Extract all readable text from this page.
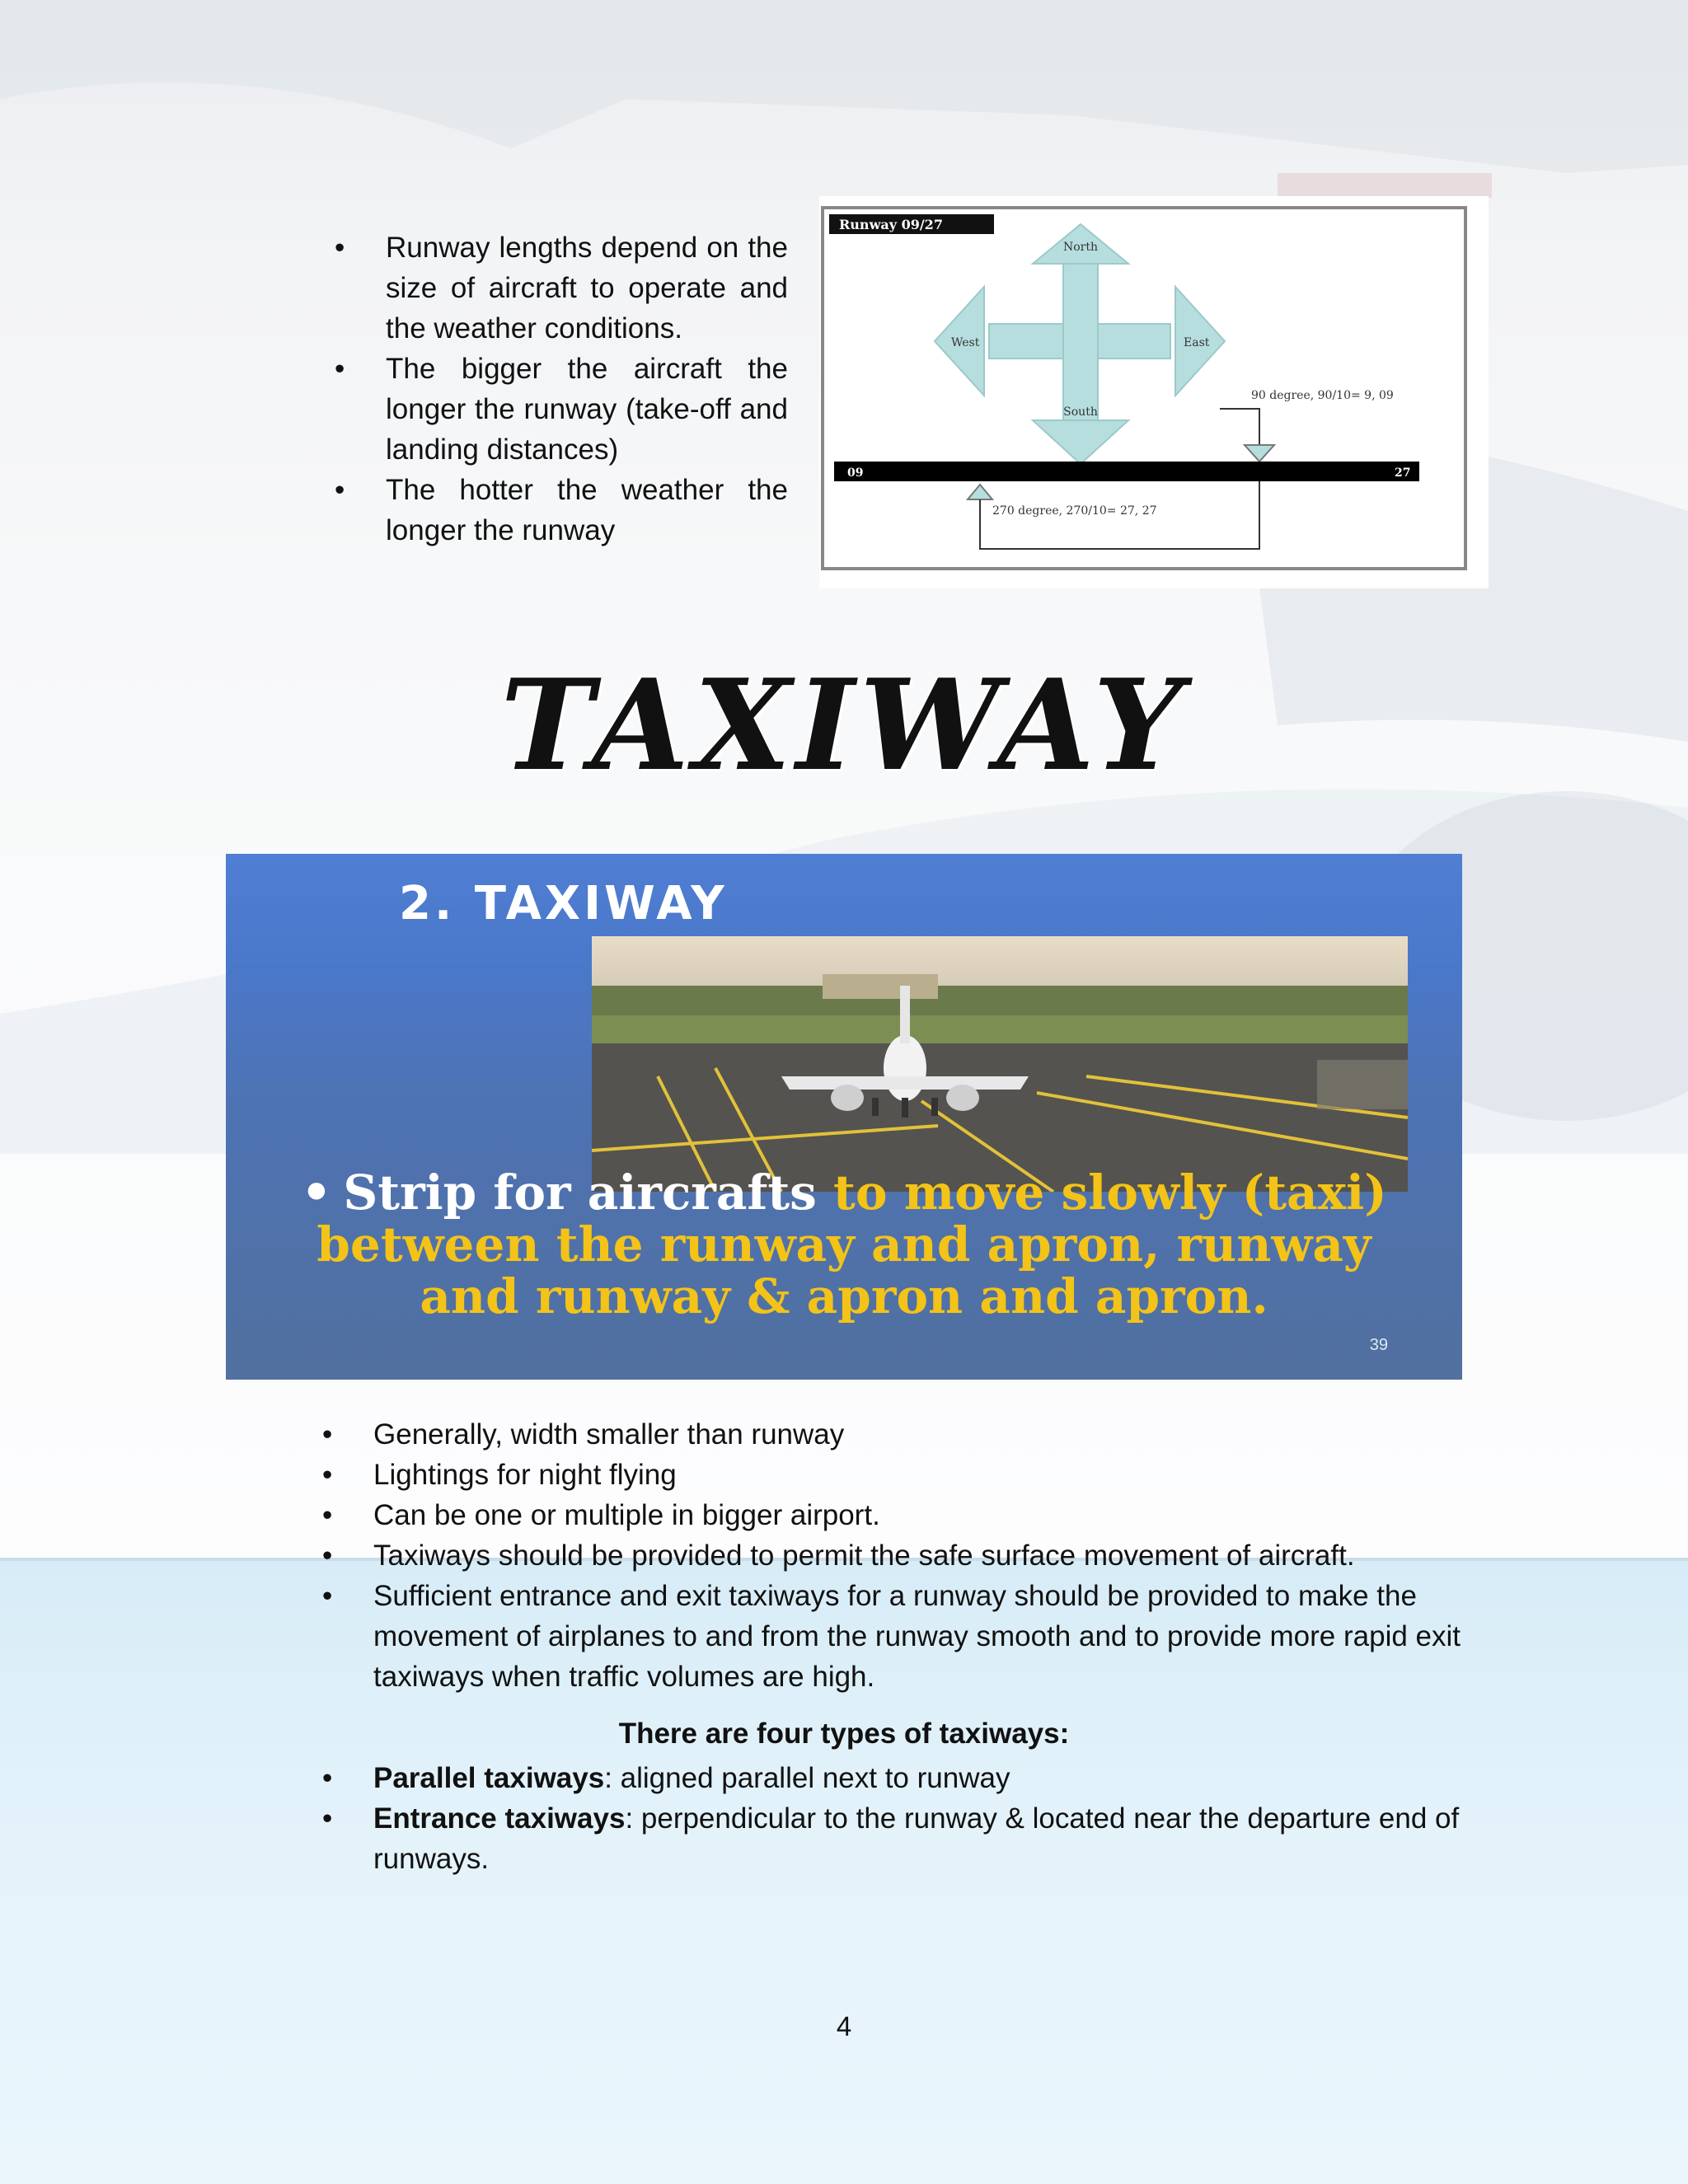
• Runway lengths depend on the size of aircraft to operate and the weather conditions.
• The bigger the aircraft the longer the runway (take-off and landing distances)
• The hotter the weather the longer the runway
Runway 09/27
North
South
West	East
90 degree, 90/10= 9, 09
09	27
270 degree, 270/10= 27, 27
TAXIWAY
2. TAXIWAY
• Strip for aircrafts to move slowly (taxi) between the runway and apron, runway and runway & apron and apron.
39
• Generally, width smaller than runway
• Lightings for night flying
• Can be one or multiple in bigger airport.
• Taxiways should be provided to permit the safe surface movement of aircraft.
• Sufficient entrance and exit taxiways for a runway should be provided to make the movement of airplanes to and from the runway smooth and to provide more rapid exit taxiways when traffic volumes are high.
There are four types of taxiways:
• Parallel taxiways: aligned parallel next to runway
• Entrance taxiways: perpendicular to the runway & located near the departure end of runways.
4
